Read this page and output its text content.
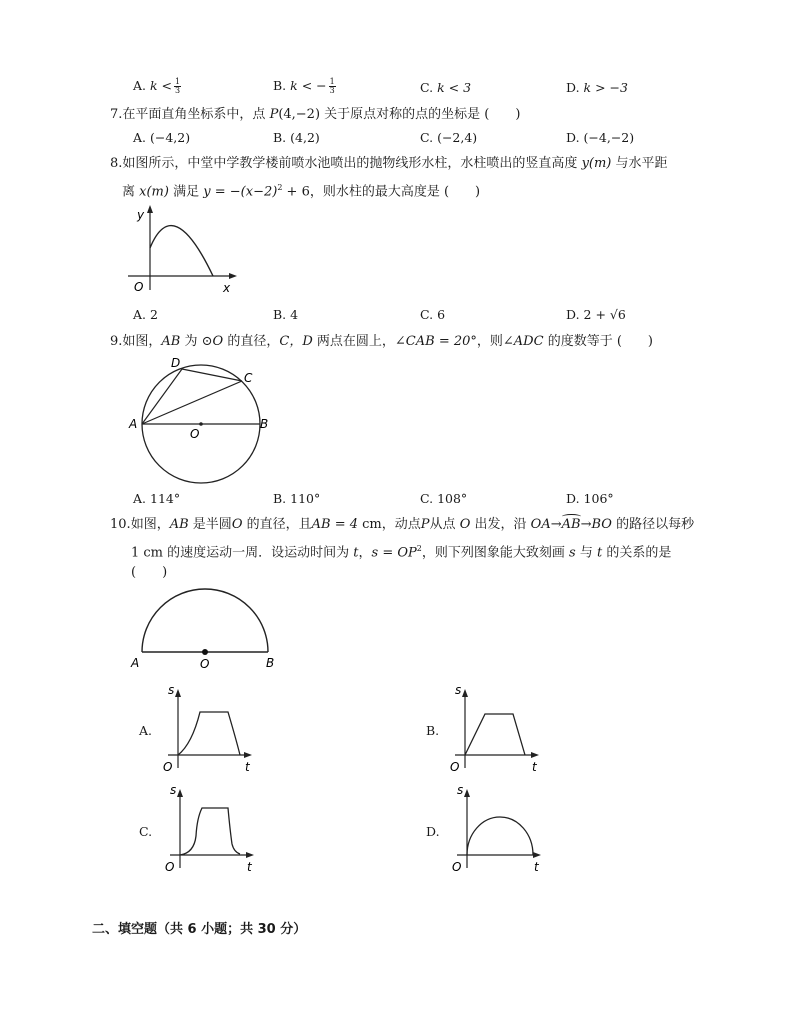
A. $k < \frac{1}{3}$	B. k < − $\frac{1}{3}$	C. k < 3	D. k > −3
7.在平面直角坐标系中，点 P(4,−2) 关于原点对称的点的坐标是 (　　)
A. (−4,2)	B. (4,2)	C. (−2,4)	D. (−4,−2)
8.如图所示，中堂中学教学楼前喷水池喷出的抛物线形水柱，水柱喷出的竖直高度 y(m) 与水平距
离 x(m) 满足 $y = -(x-2)^2 + 6$，则水柱的最大高度是 (　　)
y
x
O
A. 2	B. 4	C. 6	D. 2 + √6
9.如图，AB 为 ⊙O 的直径，C，D 两点在圆上，∠CAB = 20°，则∠ADC 的度数等于 (　　)
A	B
C
D
O
A. 114°	B. 110°	C. 108°	D. 106°
10.如图，AB 是半圆O 的直径，且AB = 4 cm，动点P从点 O 出发，沿 OA→AB→BO 的路径以每秒
1 cm 的速度运动一周．设运动时间为 t，$s = OP^2$，则下列图象能大致刻画 s 与 t 的关系的是
(　　)
A	O	B
A.
s
t
O
B.
s
t
O
C.
s
t
O
D.
s
t
O
二、填空题（共 6 小题；共 30 分）
